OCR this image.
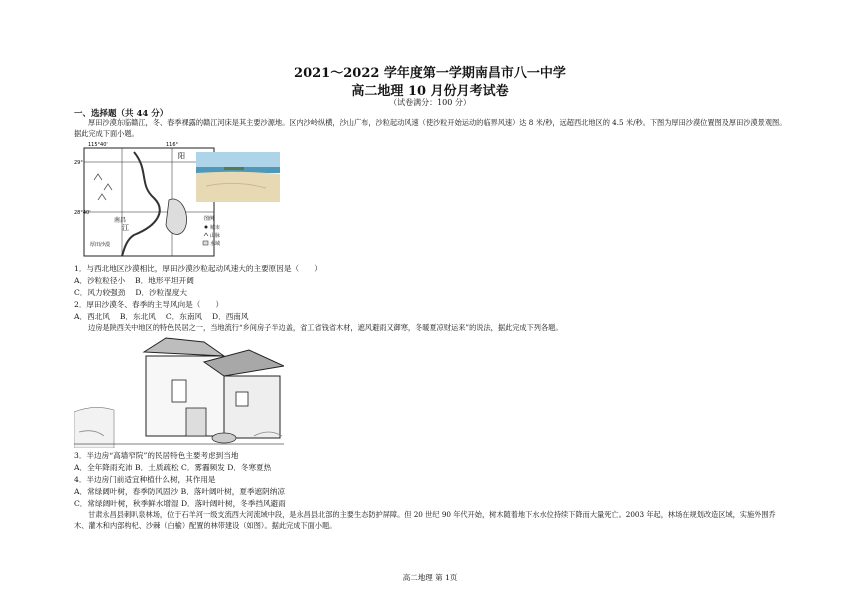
2021～2022 学年度第一学期南昌市八一中学
高二地理 10 月份月考试卷
（试卷满分：100 分）
一、选择题（共 44 分）
厚田沙漠东临赣江，冬、春季裸露的赣江河床是其主要沙源地。区内沙岭纵横，沙山广布，沙粒起动风速（使沙粒开始运动的临界风速）达 8 米/秒，远超西北地区的 4.5 米/秒。下图为厚田沙漠位置图及厚田沙漠景观图。据此完成下面小题。
115°40'	116°
29°
28°40'
阳
南昌
厚田沙漠
江
图例
城市
山脉
水域
1．与西北地区沙漠相比，厚田沙漠沙粒起动风速大的主要原因是（　　）
A．沙粒粒径小　 B．地形平坦开阔
C．风力较强劲　 D．沙粒湿度大
2．厚田沙漠冬、春季的主导风向是（　　）
A．西北风　 B．东北风　 C．东南风　 D．西南风
边房是陕西关中地区的特色民居之一，当地流行“乡间房子半边盖，省工省钱省木材，遮风避雨又御寒，冬暖夏凉财运来”的说法，据此完成下列各题。
3．半边房“高墙窄院”的民居特色主要考虑到当地
A．全年降雨充沛 B．土质疏松 C．雾霾频发 D．冬寒夏热
4．半边房门前适宜种植什么树，其作用是
A．常绿阔叶树，春季防风固沙 B．落叶阔叶树，夏季遮阴纳凉
C．常绿阔叶树，秋季鲜水增湿 D．落叶阔叶树，冬季挡风避雨
甘肃永昌县刺叭泉林场，位于石羊河一级支流西大河流域中段，是永昌县北部的主要生态防护屏障。但 20 世纪 90 年代开始，树木随着地下水水位持续下降而大量死亡。2003 年起，林场在规划改造区域，实施外围乔木、灌木和内部构杞、沙棘（白榆）配置的林带建设（如图）。据此完成下面小题。
高二地理 第 1页
